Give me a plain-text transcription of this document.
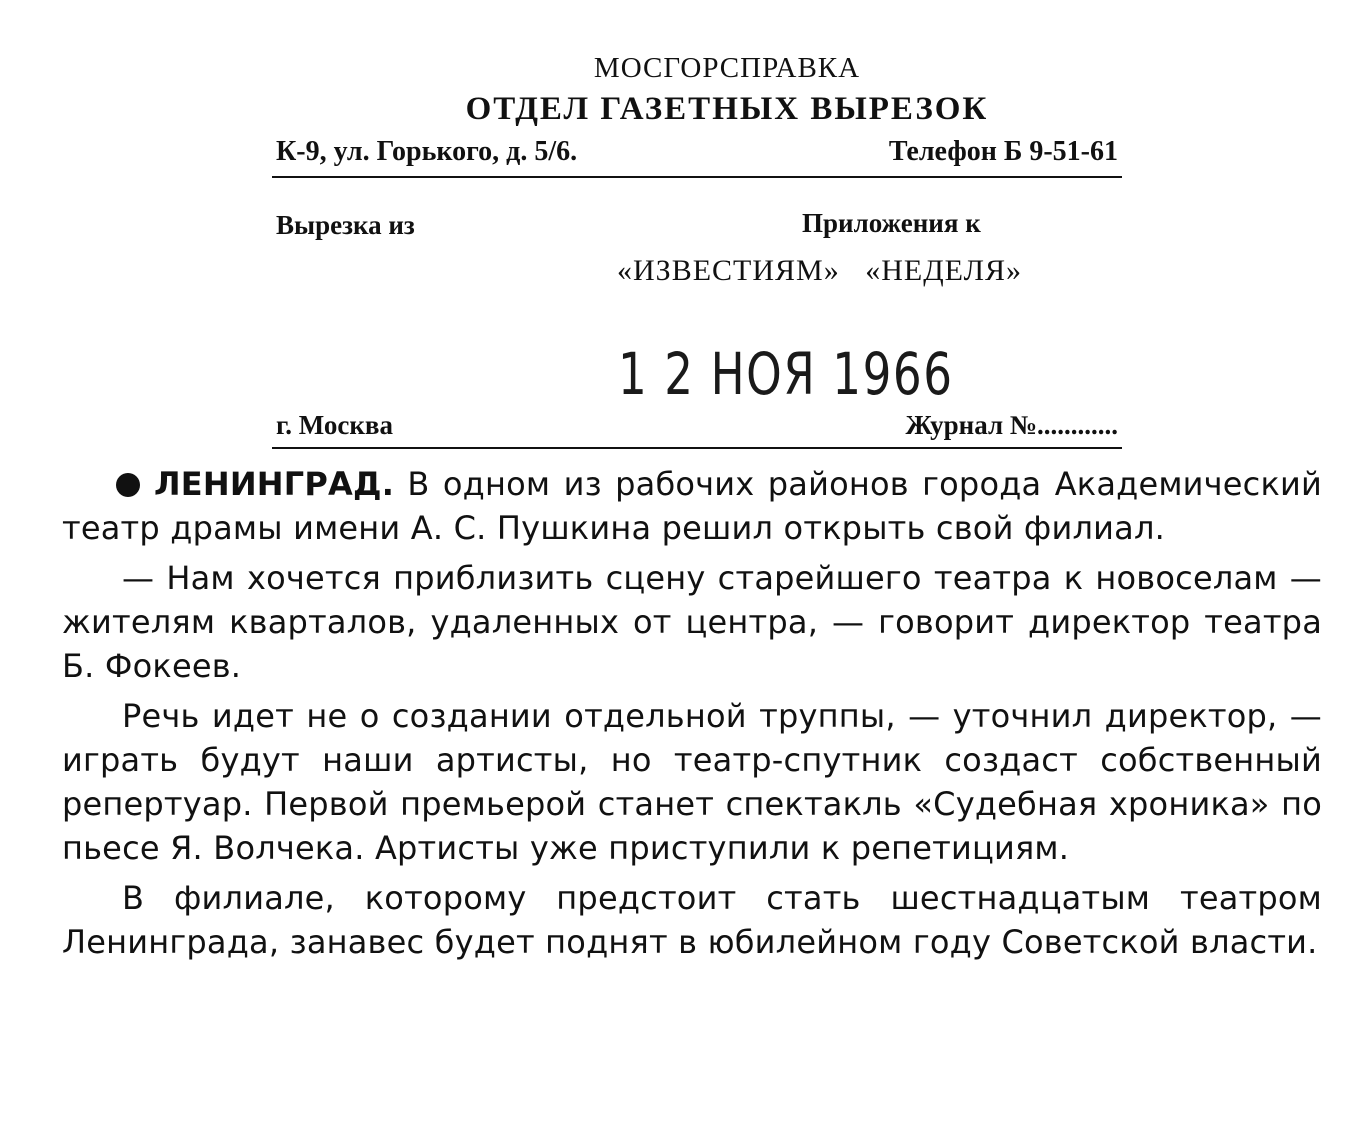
МОСГОРСПРАВКА
ОТДЕЛ ГАЗЕТНЫХ ВЫРЕЗОК
К-9, ул. Горького, д. 5/6.	Телефон Б 9-51-61
Вырезка из	Приложения к
«ИЗВЕСТИЯМ»   «НЕДЕЛЯ»
1 2 НОЯ 1966
г. Москва	Журнал №............

ЛЕНИНГРАД. В одном из рабочих районов города Академический театр драмы имени А. С. Пушкина решил открыть свой филиал.

— Нам хочется приблизить сцену старейшего театра к новоселам — жителям кварталов, удаленных от центра, — говорит директор театра Б. Фокеев.

Речь идет не о создании отдельной труппы, — уточнил директор, — играть будут наши артисты, но театр-спутник создаст собственный репертуар. Первой премьерой станет спектакль «Судебная хроника» по пьесе Я. Волчека. Артисты уже приступили к репетициям.

В филиале, которому предстоит стать шестнадцатым театром Ленинграда, занавес будет поднят в юбилейном году Советской власти.
